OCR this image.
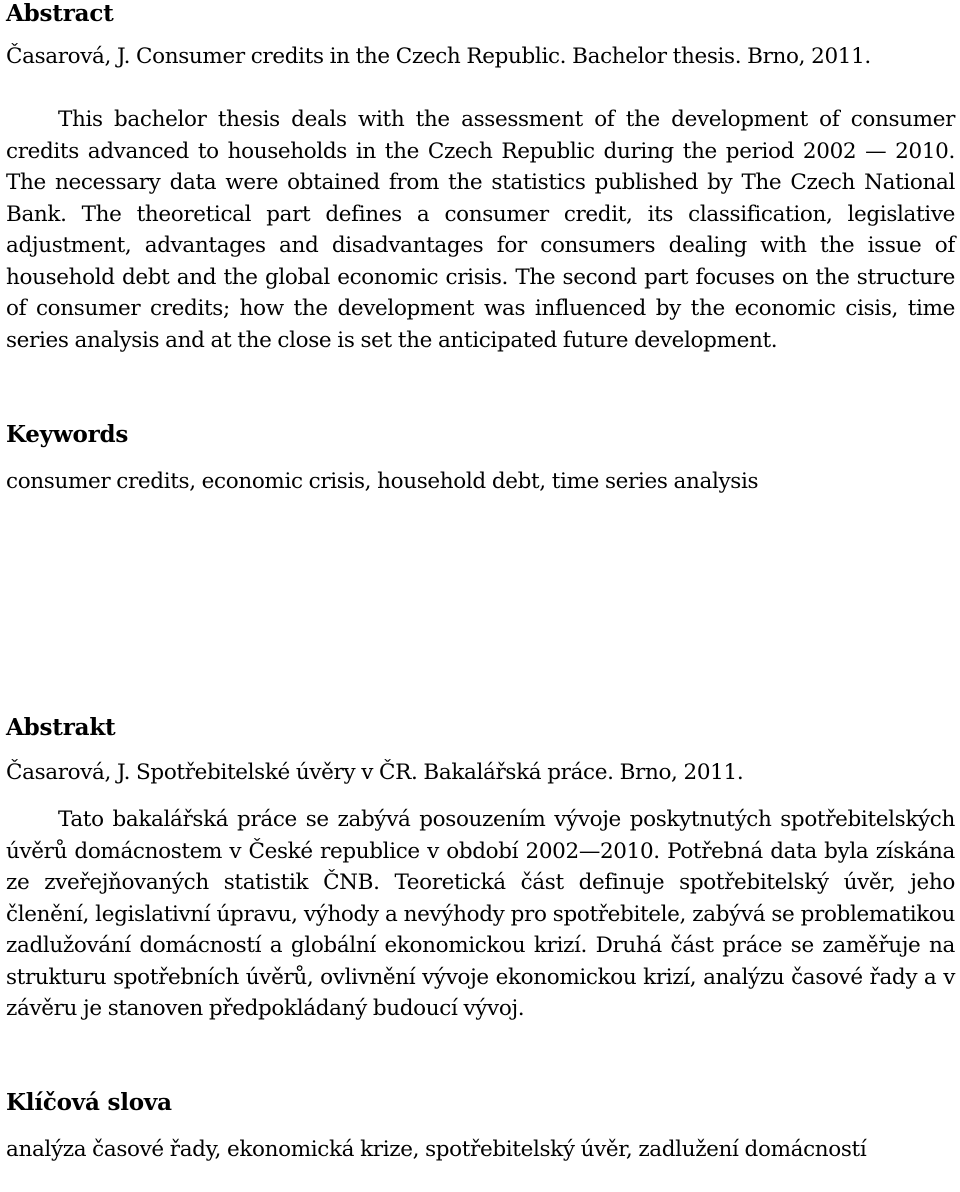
Abstract

Časarová, J. Consumer credits in the Czech Republic. Bachelor thesis. Brno, 2011.

This bachelor thesis deals with the assessment of the development of consumer credits advanced to households in the Czech Republic during the period 2002 — 2010. The necessary data were obtained from the statistics published by The Czech National Bank. The theoretical part defines a consumer credit, its classification, legislative adjustment, advantages and disadvantages for consumers dealing with the issue of household debt and the global economic crisis. The second part focuses on the structure of consumer credits; how the development was influenced by the economic cisis, time series analysis and at the close is set the anticipated future development.

Keywords

consumer credits, economic crisis, household debt, time series analysis

Abstrakt

Časarová, J. Spotřebitelské úvěry v ČR. Bakalářská práce. Brno, 2011.

Tato bakalářská práce se zabývá posouzením vývoje poskytnutých spotřebitelských úvěrů domácnostem v České republice v období 2002—2010. Potřebná data byla získána ze zveřejňovaných statistik ČNB. Teoretická část definuje spotřebitelský úvěr, jeho členění, legislativní úpravu, výhody a nevýhody pro spotřebitele, zabývá se problematikou zadlužování domácností a globální ekonomickou krizí. Druhá část práce se zaměřuje na strukturu spotřebních úvěrů, ovlivnění vývoje ekonomickou krizí, analýzu časové řady a v závěru je stanoven předpokládaný budoucí vývoj.

Klíčová slova

analýza časové řady, ekonomická krize, spotřebitelský úvěr, zadlužení domácností
